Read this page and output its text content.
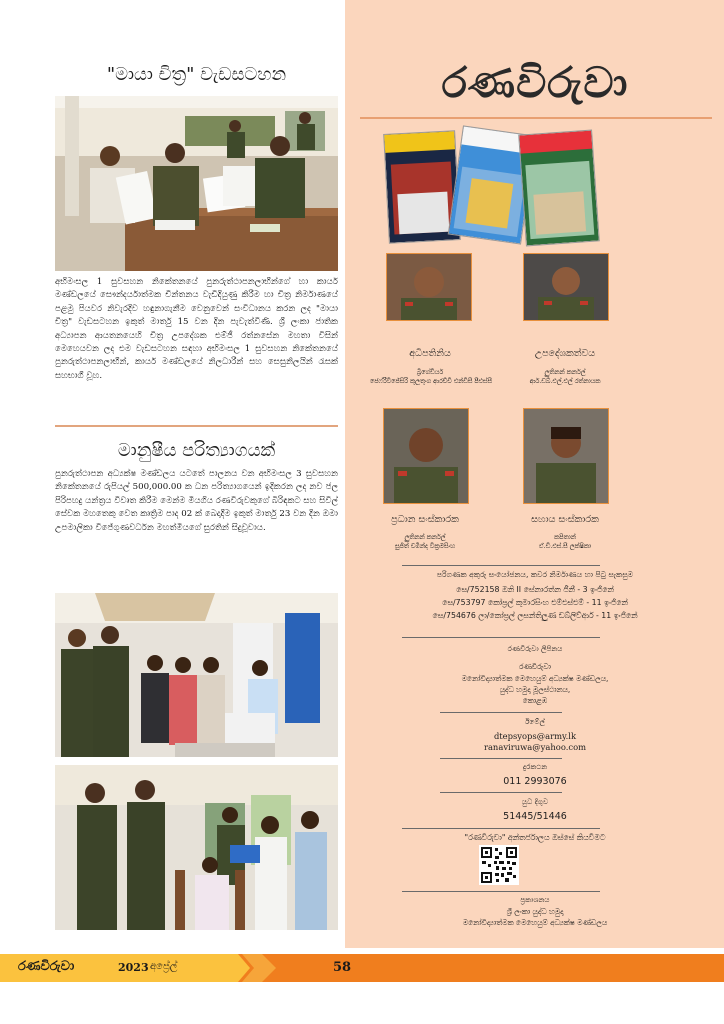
"මායා චිත්‍ර" වැඩසටහන

අභිමංසල 1 සුවසහන නිකේතනයේ පුනරුත්ථාපනලාභීන්ගේ හා කාර්ය මණ්ඩලයේ සෞන්දර්යාත්මක චින්තනය වැඩිදියුණු කිරීම හා චිත්‍ර නිර්මාණයේ පළමු පියවර නිවැරදිව හඳුනාගැනීම වෙනුවෙන් සංවිධානය කරන ලද "මායා චිත්‍ර" වැඩසටහන ඉකුත් මාර්තු 15 වන දින පැවැත්විණි. ශ්‍රී ලංකා ජාතික අධ්‍යාපන ආයතනයෙහි චිත්‍ර උපදේශක එම්ජී රත්නසේන මහතා විසින් මෙහෙයවන ලද එම වැඩසටහන සඳහා අභිමංසල 1 සුවසහන නිකේතනයේ පුනරුත්ථාපනලාභීන්, කාර්ය මණ්ඩලයේ නිලධාරීන් සහ සෙසුනිලයින් රැසක් සහභාගී වූහ.

මානුෂීය පරිත්‍යාගයක්

පුනරුත්ථාපන අධ්‍යක්ෂ මණ්ඩලය යටතේ පාලනය වන අභිමංසල 3 සුවසහන නිකේතනයේ රුපියල් 500,000.00 ක ධන පරිත්‍යාගයෙන් ඉදිකරන ලද නව ජල පිරිපහදු යන්ත්‍රය විවෘත කිරීම මෙන්ම මියගිය රණවිරුවකුගේ බිරිඳකට සහ සිවිල් සේවක මහතෙකු වෙත කෘත්‍රිම පාද 02 ක් බෙදාදීම ඉකුත් මාර්තු 23 වන දින ඔමා උපමාලිකා විජේගුණවර්ධන මහත්මියගේ සුරතින් සිදුවූවාය.

රණවිරුවා
අධිපතිනිය
බ්‍රිගේඩියර්
ජෙෆ්රීවිජේසිරි කුලතුංග ආරච්චි එන්ඩීසී පීඑස්සී
උපදේශකත්වය
ලුතිනන් කර්නල්
ආර්.ඩබ්.එල්.එල් රත්නායක
ප්‍රධාන සංස්කාරක
ලුතිනන් කර්නල්
සුජිත් චමින්ද වික්‍රමසිංහ
සහාය සංස්කාරක
කපිතාන්
ඒ.ඩී.එස්.සී ලක්ෂිකා
පරිගණක අකුරු සංයෝජනය, කවර නිර්මාණය හා පිටු සැකසුම
සෙ/752158 ඔනි II සේනාරත්න ජීනී - 3 ඉංජිනේ
සෙ/753797 කෝප්‍රල් කුමාරසිංහ එම්එස්එම් - 11 ඉංජිනේ
සෙ/754676 ලා/කෝප්‍රල් ලසන්තිලුණ ඩබ්ලිව්ආර් - 11 ඉංජිනේ
රණවිරුවා ලිපිනය
රණවිරුවා
මනෝවිද්‍යාත්මක මෙහෙයුම් අධ්‍යක්ෂ මණ්ඩලය,
යුද්ධ හමුදා මූලස්ථානය,
කොළඹ
ඊමේල්
dtepsyops@army.lk
ranaviruwa@yahoo.com
දුරකථන
011 2993076
යුධ දිගුව
51445/51446
"රණවිරුවා" අන්තර්ජාලය ඔස්සේ කියවීමට
ප්‍රකාශනය
ශ්‍රී ලංකා යුද්ධ හමුදා
මනෝවිද්‍යාත්මක මෙහෙයුම් අධ්‍යක්ෂ මණ්ඩලය
රණවිරුවා	2023 අප්‍රේල්	58
